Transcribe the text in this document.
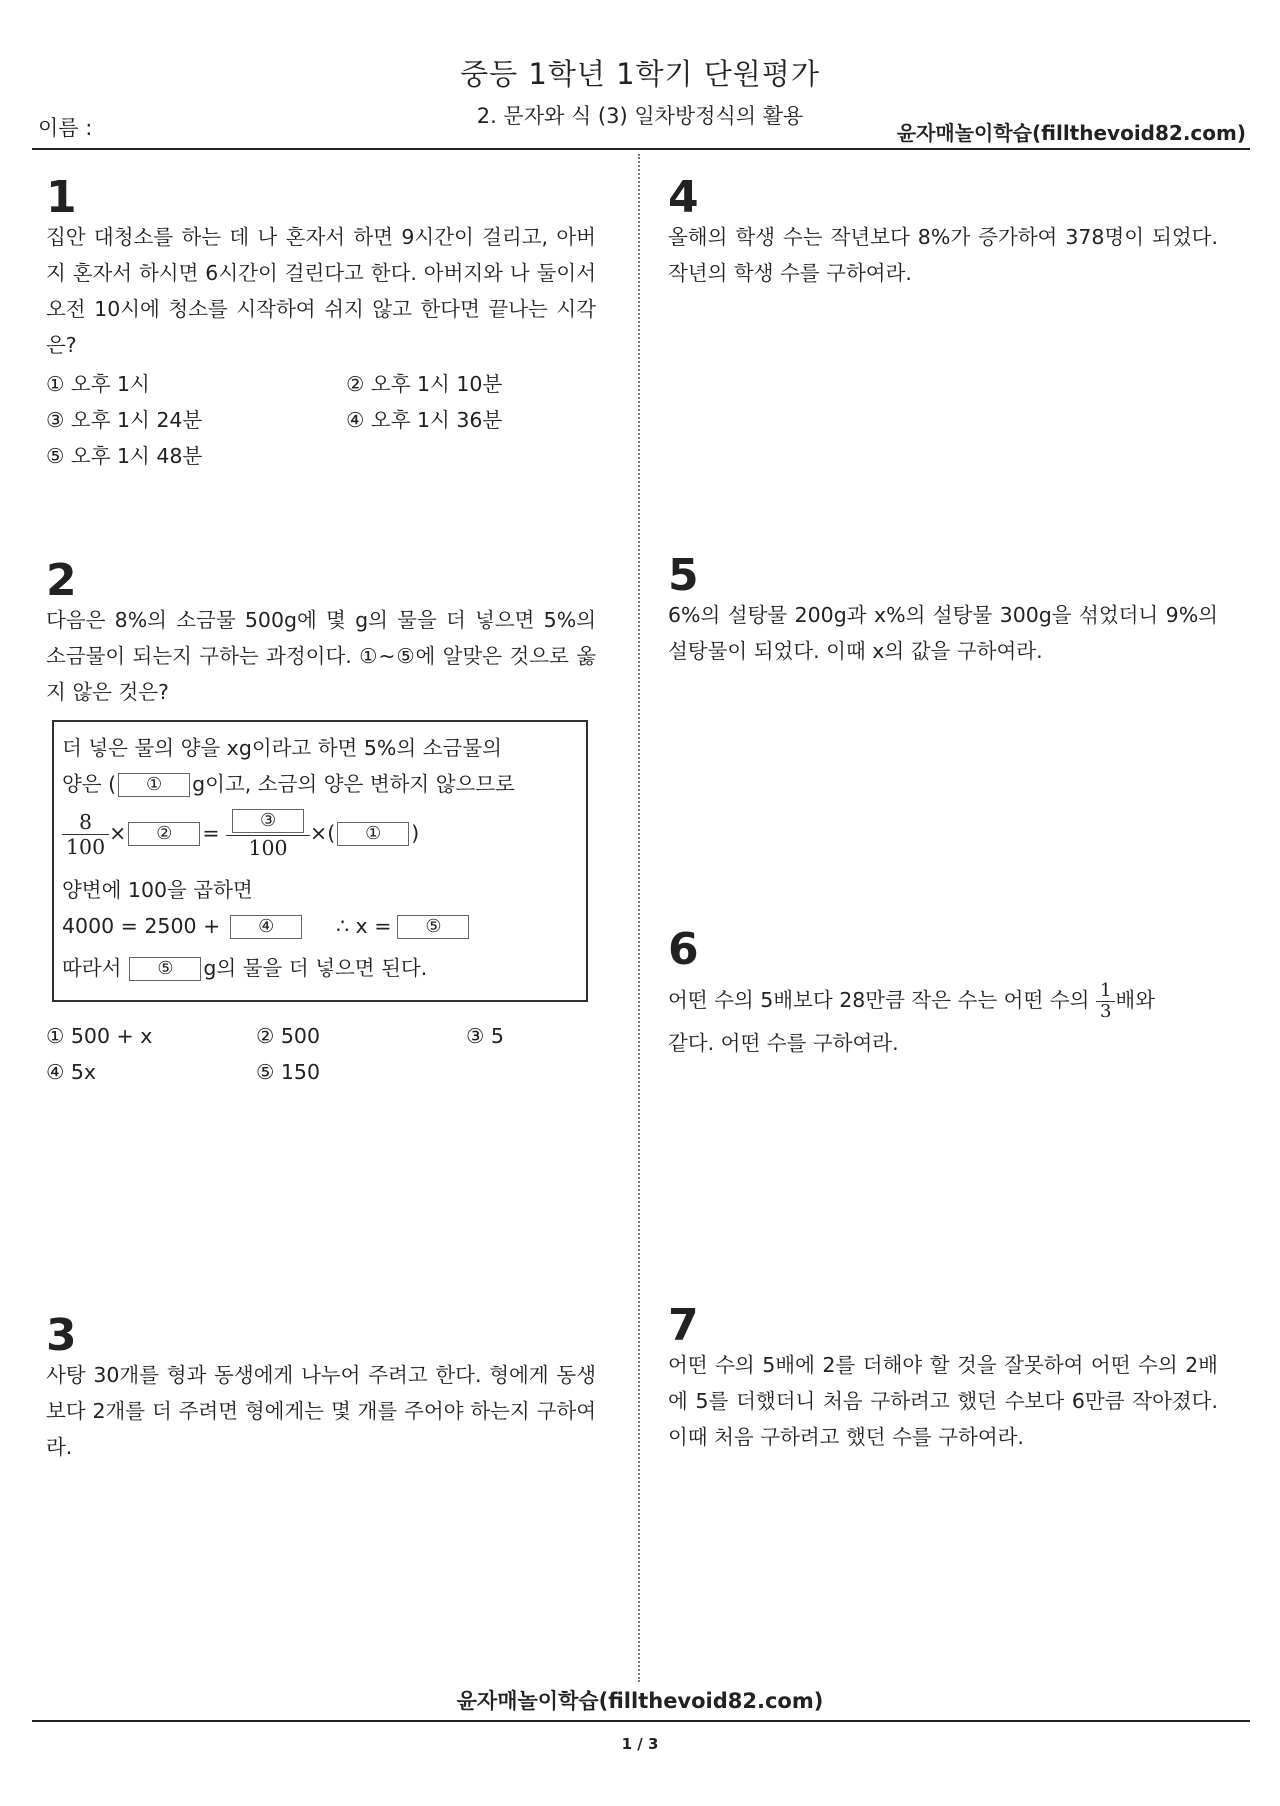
중등 1학년 1학기 단원평가
2. 문자와 식 (3) 일차방정식의 활용
이름 :	윤자매놀이학습(fillthevoid82.com)
1
집안 대청소를 하는 데 나 혼자서 하면 9시간이 걸리고, 아버지 혼자서 하시면 6시간이 걸린다고 한다. 아버지와 나 둘이서 오전 10시에 청소를 시작하여 쉬지 않고 한다면 끝나는 시각은?
① 오후 1시	② 오후 1시 10분
③ 오후 1시 24분	④ 오후 1시 36분
⑤ 오후 1시 48분
2
다음은 8%의 소금물 500g에 몇 g의 물을 더 넣으면 5%의 소금물이 되는지 구하는 과정이다. ①~⑤에 알맞은 것으로 옳지 않은 것은?
더 넣은 물의 양을 xg이라고 하면 5%의 소금물의
양은 ( ① g이고, 소금의 양은 변하지 않으므로
$\frac{8}{100}$ × ② = $\frac{\text{③}}{100}$ ×( ① )
양변에 100을 곱하면
4000 = 2500 + ④	∴ x = ⑤
따라서 ⑤ g의 물을 더 넣으면 된다.
① 500 + x	② 500	③ 5
④ 5x	⑤ 150
3
사탕 30개를 형과 동생에게 나누어 주려고 한다. 형에게 동생보다 2개를 더 주려면 형에게는 몇 개를 주어야 하는지 구하여라.
4
올해의 학생 수는 작년보다 8%가 증가하여 378명이 되었다. 작년의 학생 수를 구하여라.
5
6%의 설탕물 200g과 x%의 설탕물 300g을 섞었더니 9%의 설탕물이 되었다. 이때 x의 값을 구하여라.
6
어떤 수의 5배보다 28만큼 작은 수는 어떤 수의 $\frac{1}{3}$ 배와
같다. 어떤 수를 구하여라.
7
어떤 수의 5배에 2를 더해야 할 것을 잘못하여 어떤 수의 2배에 5를 더했더니 처음 구하려고 했던 수보다 6만큼 작아졌다. 이때 처음 구하려고 했던 수를 구하여라.
윤자매놀이학습(fillthevoid82.com)
1 / 3
